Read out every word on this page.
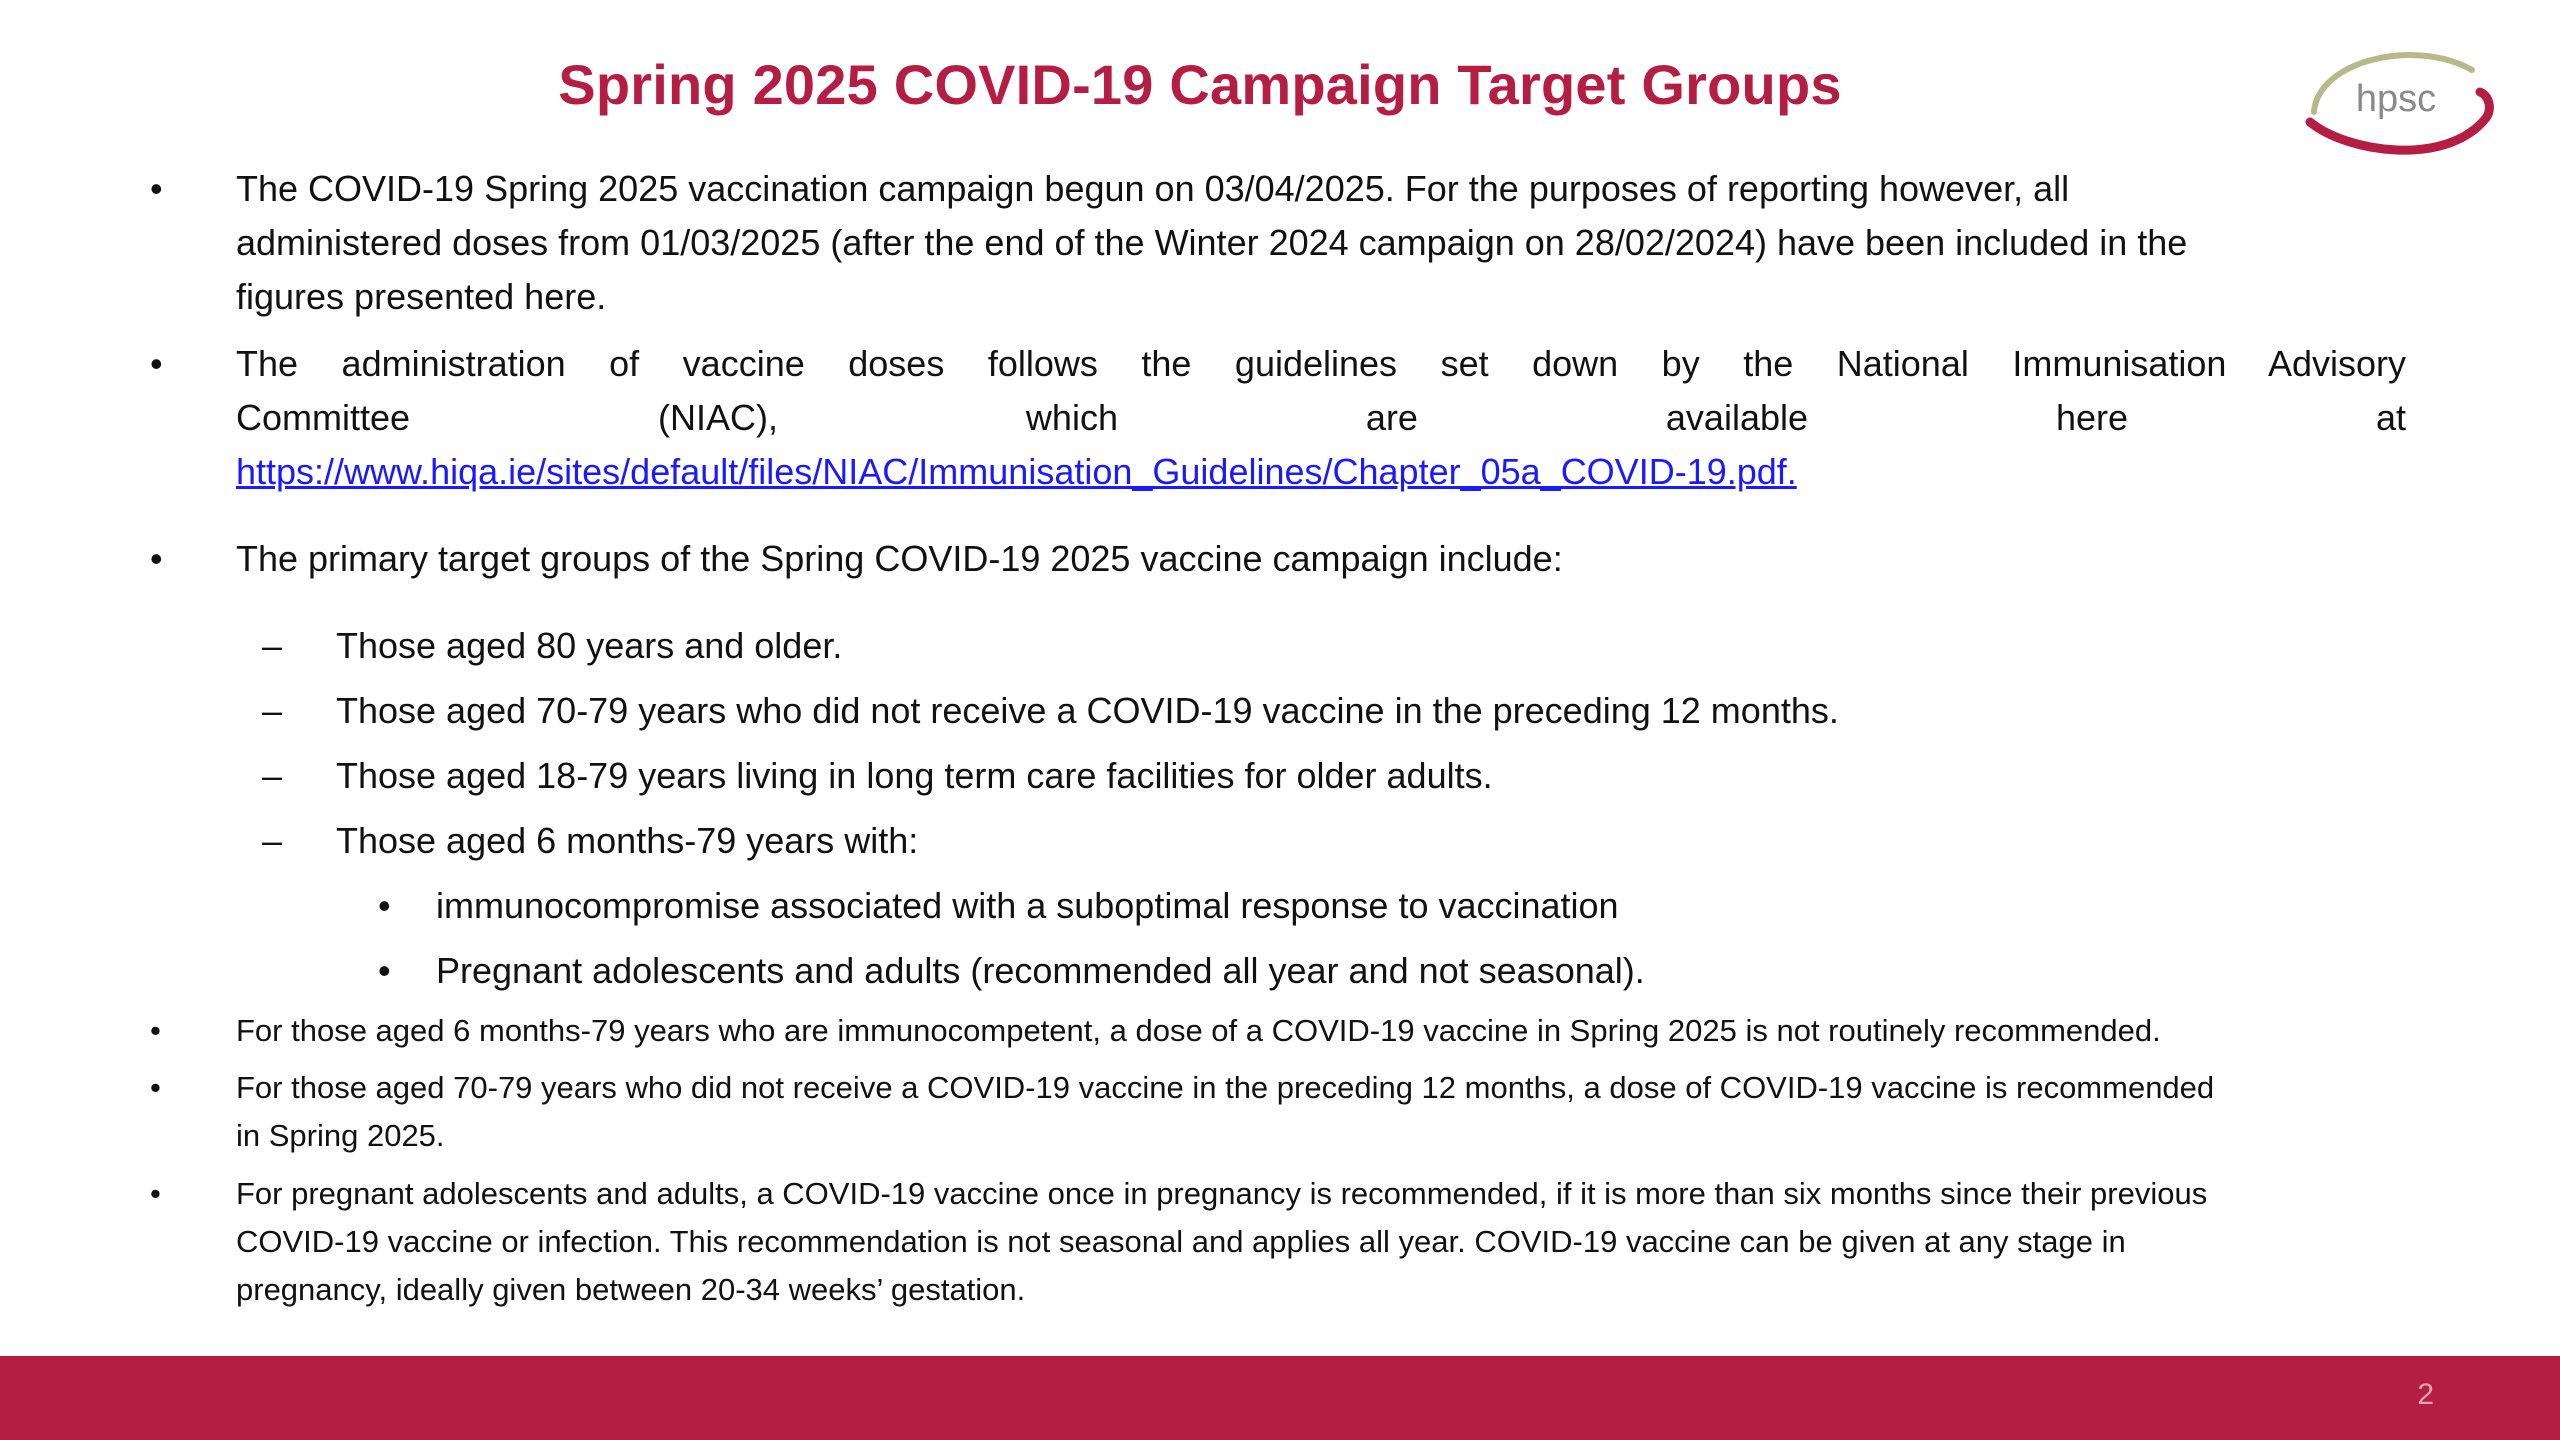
Spring 2025 COVID-19 Campaign Target Groups	hpsc
• The COVID-19 Spring 2025 vaccination campaign begun on 03/04/2025. For the purposes of reporting however, all
administered doses from 01/03/2025 (after the end of the Winter 2024 campaign on 28/02/2024) have been included in the
figures presented here.
• The administration of vaccine doses follows the guidelines set down by the National Immunisation Advisory
Committee (NIAC), which are available here at
https://www.hiqa.ie/sites/default/files/NIAC/Immunisation_Guidelines/Chapter_05a_COVID-19.pdf.
• The primary target groups of the Spring COVID-19 2025 vaccine campaign include:
– Those aged 80 years and older.
– Those aged 70-79 years who did not receive a COVID-19 vaccine in the preceding 12 months.
– Those aged 18-79 years living in long term care facilities for older adults.
– Those aged 6 months-79 years with:
• immunocompromise associated with a suboptimal response to vaccination
• Pregnant adolescents and adults (recommended all year and not seasonal).
• For those aged 6 months-79 years who are immunocompetent, a dose of a COVID-19 vaccine in Spring 2025 is not routinely recommended.
• For those aged 70-79 years who did not receive a COVID-19 vaccine in the preceding 12 months, a dose of COVID-19 vaccine is recommended
in Spring 2025.
• For pregnant adolescents and adults, a COVID-19 vaccine once in pregnancy is recommended, if it is more than six months since their previous
COVID-19 vaccine or infection. This recommendation is not seasonal and applies all year. COVID-19 vaccine can be given at any stage in
pregnancy, ideally given between 20-34 weeks’ gestation.
2
